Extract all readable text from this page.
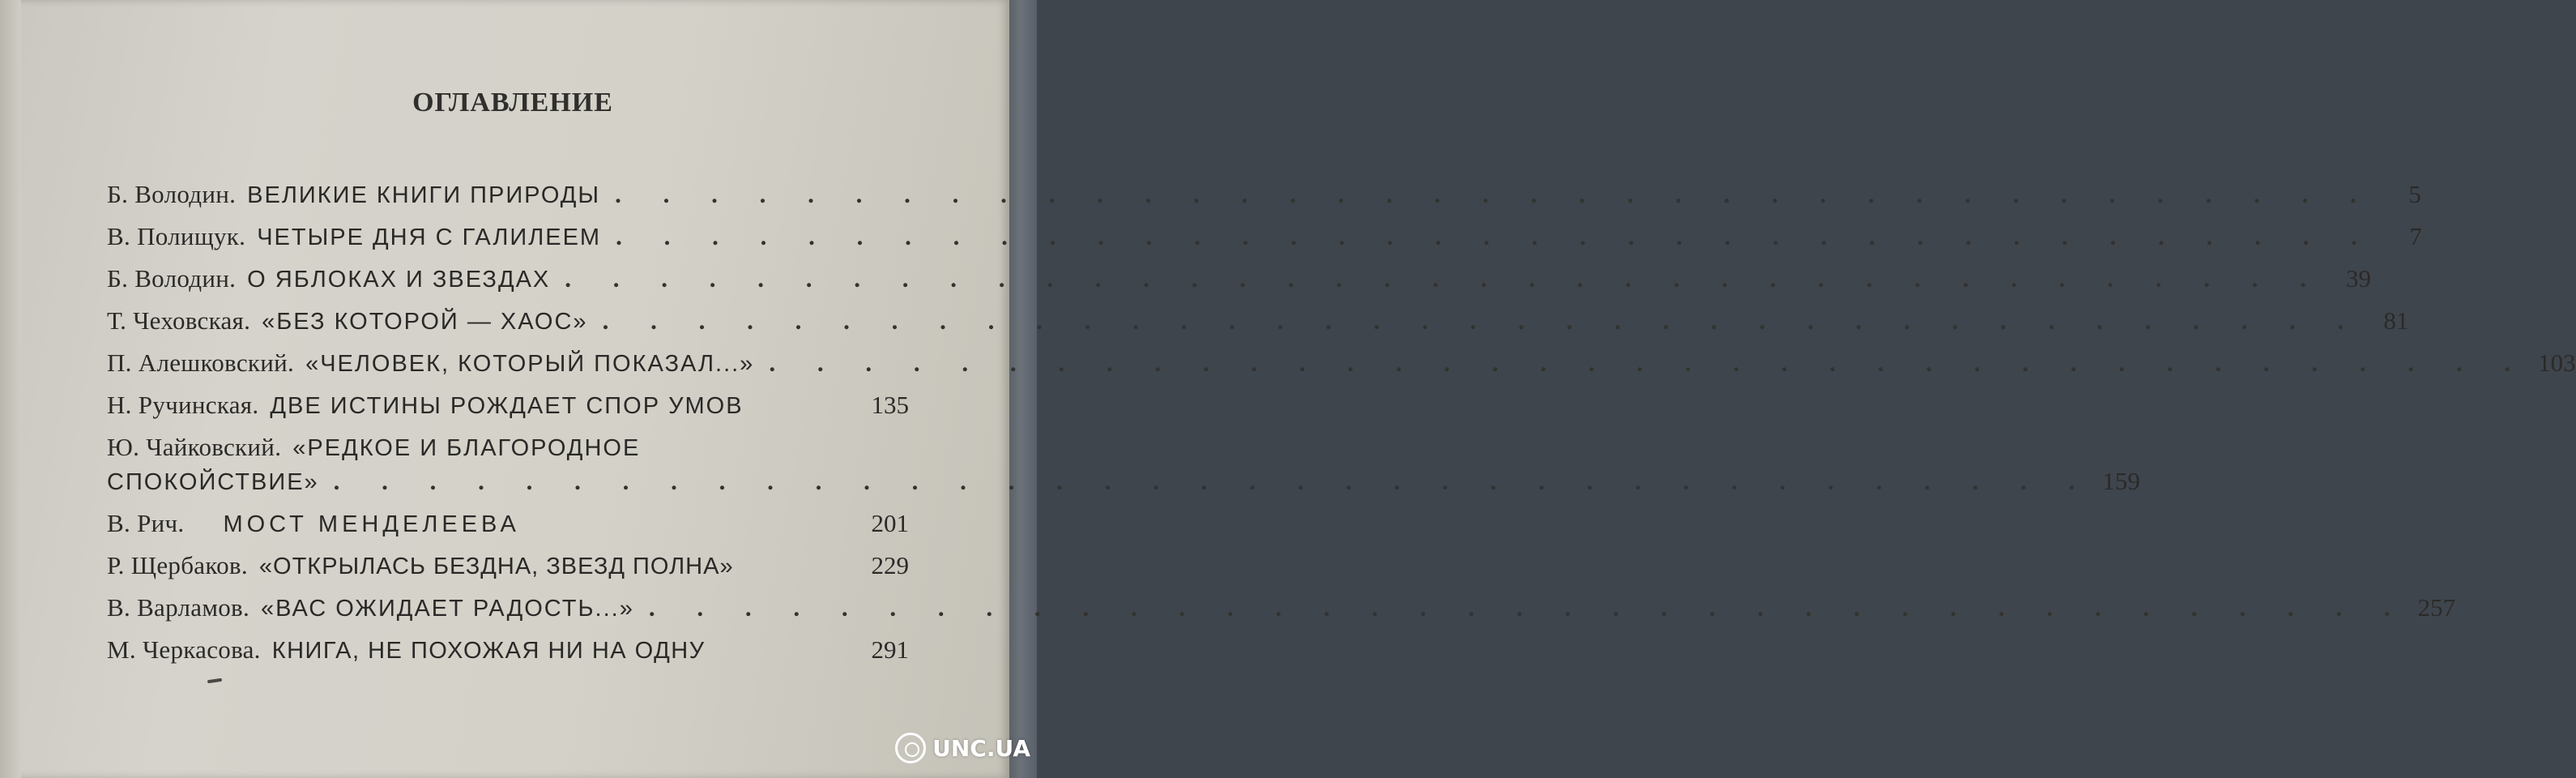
ОГЛАВЛЕНИЕ
Б. Володин. ВЕЛИКИЕ КНИГИ ПРИРОДЫ . . . . . . . . . . . . . . . . . . . . . . . . . . . . . . . . . . . . .	5
В. Полищук. ЧЕТЫРЕ ДНЯ С ГАЛИЛЕЕМ . . . . . . . . . . . . . . . . . . . . . . . . . . . . . . . . . . . . .	7
Б. Володин. О ЯБЛОКАХ И ЗВЕЗДАХ . . . . . . . . . . . . . . . . . . . . . . . . . . . . . . . . . . . . . 39
Т. Чеховская. «БЕЗ КОТОРОЙ — ХАОС» . . . . . . . . . . . . . . . . . . . . . . . . . . . . . . . . . . . . . 81
П. Алешковский. «ЧЕЛОВЕК, КОТОРЫЙ ПОКАЗАЛ...» . . . . . . . . . . . . . . . . . . . . . . . . . . . . . . . . . . . . . 103
Н. Ручинская. ДВЕ ИСТИНЫ РОЖДАЕТ СПОР УМОВ	135
Ю. Чайковский. «РЕДКОЕ И БЛАГОРОДНОЕ
СПОКОЙСТВИЕ» . . . . . . . . . . . . . . . . . . . . . . . . . . . . . . . . . . . . . 159
В. Рич. МОСТ МЕНДЕЛЕЕВА	201
Р. Щербаков. «ОТКРЫЛАСЬ БЕЗДНА, ЗВЕЗД ПОЛНА»	229
В. Варламов. «ВАС ОЖИДАЕТ РАДОСТЬ...» . . . . . . . . . . . . . . . . . . . . . . . . . . . . . . . . . . . . . 257
М. Черкасова. КНИГА, НЕ ПОХОЖАЯ НИ НА ОДНУ	291
UNC.UA
